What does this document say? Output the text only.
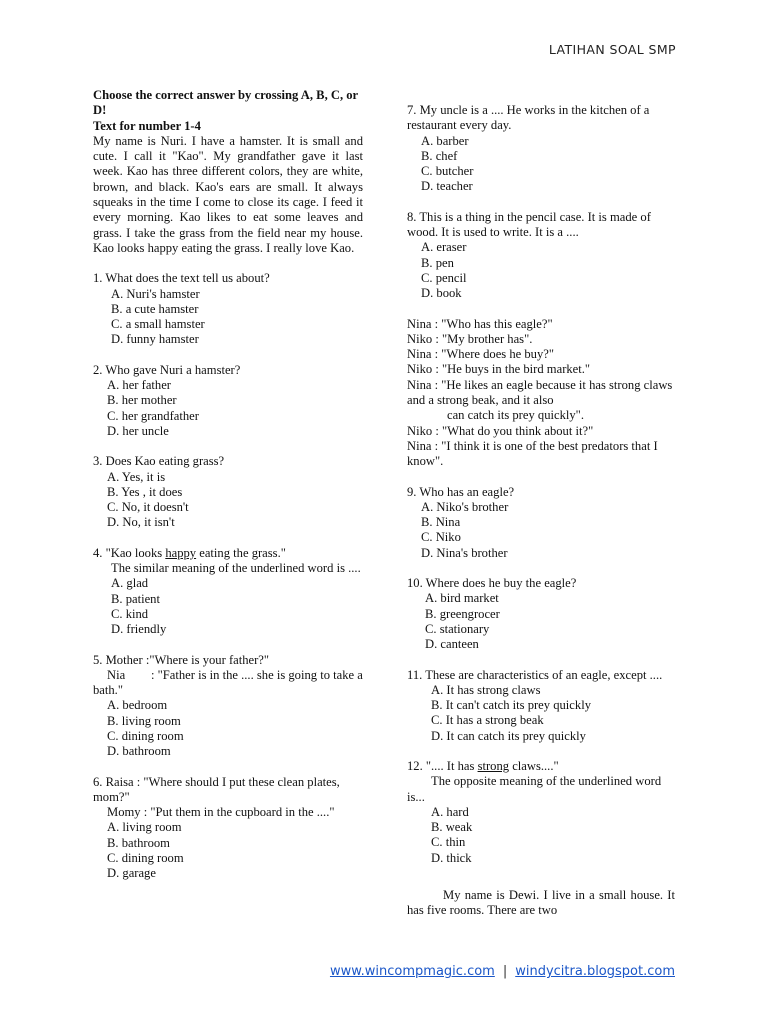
LATIHAN SOAL SMP
Choose the correct answer by crossing A, B, C, or D!
Text for number 1-4
My name is Nuri. I have a hamster. It is small and cute. I call it "Kao". My grandfather gave it last week. Kao has three different colors, they are white, brown, and black. Kao's ears are small. It always squeaks in the time I come to close its cage. I feed it every morning. Kao likes to eat some leaves and grass. I take the grass from the field near my house. Kao looks happy eating the grass. I really love Kao.
1. What does the text tell us about?
A. Nuri's hamster
B. a cute hamster
C. a small hamster
D. funny hamster
2. Who gave Nuri a hamster?
A. her father
B. her mother
C. her grandfather
D. her uncle
3. Does Kao eating grass?
A. Yes, it is
B. Yes , it does
C. No, it doesn't
D. No, it isn't
4. "Kao looks happy eating the grass."
The similar meaning of the underlined word is ....
A. glad
B. patient
C. kind
D. friendly
5. Mother :"Where is your father?"
Nia : "Father is in the .... she is going to take a bath."
A. bedroom
B. living room
C. dining room
D. bathroom
6. Raisa : "Where should I put these clean plates, mom?"
Momy : "Put them in the cupboard in the ...."
A. living room
B. bathroom
C. dining room
D. garage
7. My uncle is a .... He works in the kitchen of a restaurant every day.
A. barber
B. chef
C. butcher
D. teacher
8. This is a thing in the pencil case. It is made of wood. It is used to write. It is a ....
A. eraser
B. pen
C. pencil
D. book
Nina : "Who has this eagle?"
Niko : "My brother has".
Nina : "Where does he buy?"
Niko : "He buys in the bird market."
Nina : "He likes an eagle because it has strong claws and a strong beak, and it also
can catch its prey quickly".
Niko : "What do you think about it?"
Nina : "I think it is one of the best predators that I know".
9. Who has an eagle?
A. Niko's brother
B. Nina
C. Niko
D. Nina's brother
10. Where does he buy the eagle?
A. bird market
B. greengrocer
C. stationary
D. canteen
11. These are characteristics of an eagle, except ....
A. It has strong claws
B. It can't catch its prey quickly
C. It has a strong beak
D. It can catch its prey quickly
12. ".... It has strong claws...."
The opposite meaning of the underlined word is...
A. hard
B. weak
C. thin
D. thick
My name is Dewi. I live in a small house. It has five rooms. There are two
www.wincompmagic.com | windycitra.blogspot.com
